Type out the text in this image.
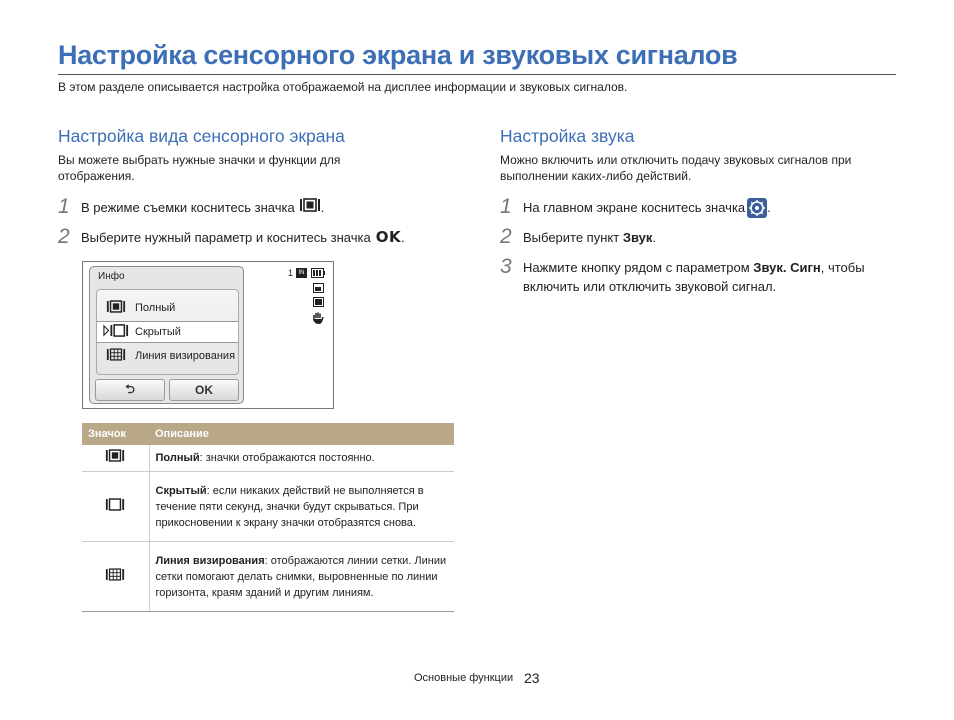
Настройка сенсорного экрана и звуковых сигналов
В этом разделе описывается настройка отображаемой на дисплее информации и звуковых сигналов.
Настройка вида сенсорного экрана
Вы можете выбрать нужные значки и функции для отображения.
1 В режиме съемки коснитесь значка .
2 Выберите нужный параметр и коснитесь значка OK .
Инфо
Полный
Скрытый
Линия визирования
⮌	OK
1 IN
Значок	Описание
	Полный: значки отображаются постоянно.
	Скрытый: если никаких действий не выполняется в течение пяти секунд, значки будут скрываться. При прикосновении к экрану значки отобразятся снова.
	Линия визирования: отображаются линии сетки. Линии сетки помогают делать снимки, выровненные по линии горизонта, краям зданий и другим линиям.
Настройка звука
Можно включить или отключить подачу звуковых сигналов при выполнении каких-либо действий.
1 На главном экране коснитесь значка .
2 Выберите пункт Звук.
3 Нажмите кнопку рядом с параметром Звук. Сигн, чтобы включить или отключить звуковой сигнал.
Основные функции 23
